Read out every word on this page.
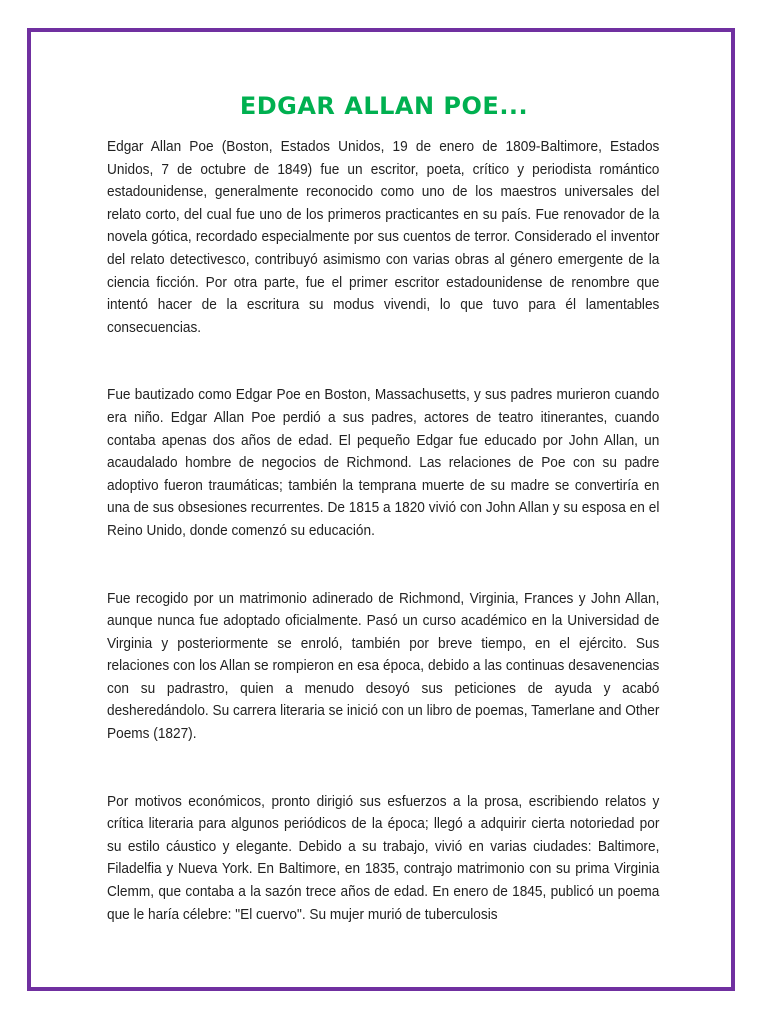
EDGAR ALLAN POE...

Edgar Allan Poe (Boston, Estados Unidos, 19 de enero de 1809-Baltimore, Estados Unidos, 7 de octubre de 1849) fue un escritor, poeta, crítico y periodista romántico estadounidense, generalmente reconocido como uno de los maestros universales del relato corto, del cual fue uno de los primeros practicantes en su país. Fue renovador de la novela gótica, recordado especialmente por sus cuentos de terror. Considerado el inventor del relato detectivesco, contribuyó asimismo con varias obras al género emergente de la ciencia ficción. Por otra parte, fue el primer escritor estadounidense de renombre que intentó hacer de la escritura su modus vivendi, lo que tuvo para él lamentables consecuencias.

Fue bautizado como Edgar Poe en Boston, Massachusetts, y sus padres murieron cuando era niño. Edgar Allan Poe perdió a sus padres, actores de teatro itinerantes, cuando contaba apenas dos años de edad. El pequeño Edgar fue educado por John Allan, un acaudalado hombre de negocios de Richmond. Las relaciones de Poe con su padre adoptivo fueron traumáticas; también la temprana muerte de su madre se convertiría en una de sus obsesiones recurrentes. De 1815 a 1820 vivió con John Allan y su esposa en el Reino Unido, donde comenzó su educación.

Fue recogido por un matrimonio adinerado de Richmond, Virginia, Frances y John Allan, aunque nunca fue adoptado oficialmente. Pasó un curso académico en la Universidad de Virginia y posteriormente se enroló, también por breve tiempo, en el ejército. Sus relaciones con los Allan se rompieron en esa época, debido a las continuas desavenencias con su padrastro, quien a menudo desoyó sus peticiones de ayuda y acabó desheredándolo. Su carrera literaria se inició con un libro de poemas, Tamerlane and Other Poems (1827).

Por motivos económicos, pronto dirigió sus esfuerzos a la prosa, escribiendo relatos y crítica literaria para algunos periódicos de la época; llegó a adquirir cierta notoriedad por su estilo cáustico y elegante. Debido a su trabajo, vivió en varias ciudades: Baltimore, Filadelfia y Nueva York. En Baltimore, en 1835, contrajo matrimonio con su prima Virginia Clemm, que contaba a la sazón trece años de edad. En enero de 1845, publicó un poema que le haría célebre: "El cuervo". Su mujer murió de tuberculosis
